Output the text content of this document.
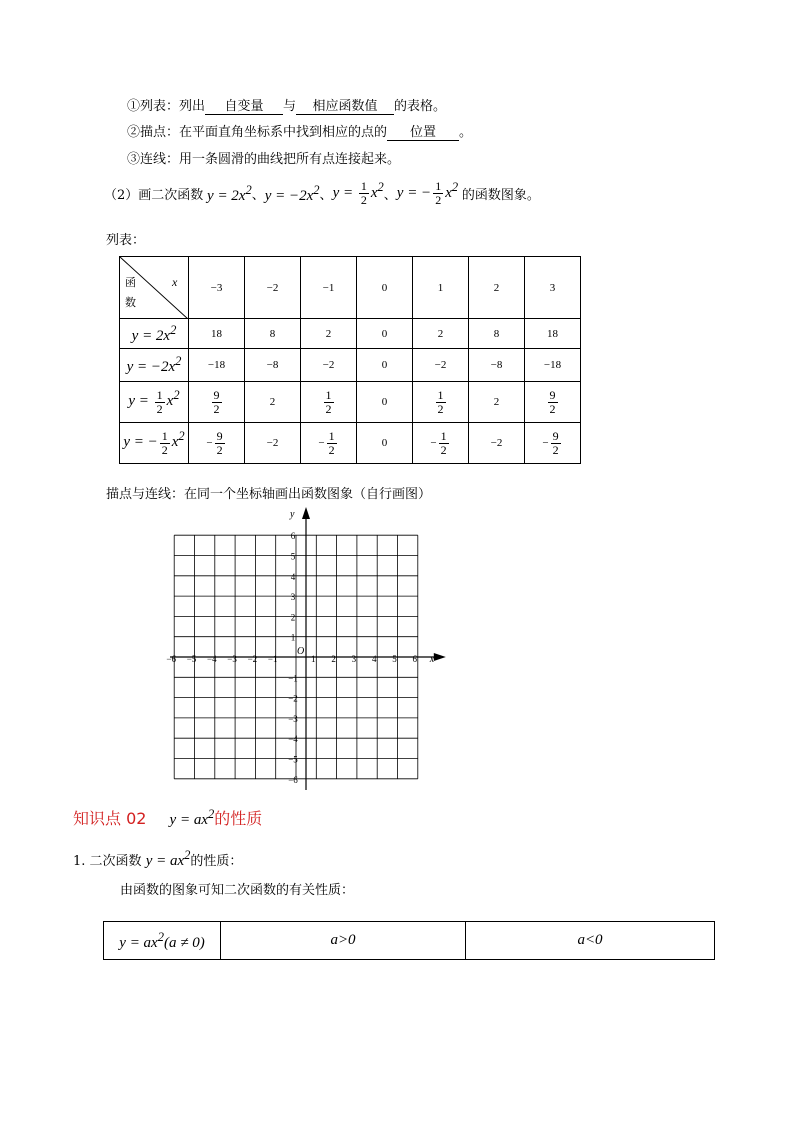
①列表：列出 自变量 与 相应函数值 的表格。
②描点：在平面直角坐标系中找到相应的点的 位置 。
③连线：用一条圆滑的曲线把所有点连接起来。
（2）画二次函数 $y = 2x^2$ 、 $y = -2x^2$ 、 $y = \frac{1}{2} x^2$
、 y = − $\frac{1}{2} x^2$
的函数图象。
列表：
x
函
数	−3	−2	−1	0	1	2	3
$y = 2x^2$	18	8	2	0	2	8	18
$y = -2x^2$	−18	−8	−2	0	−2	−8	−18
$y = \frac{1}{2} x^2$	$\frac{9}{2}$	2	$\frac{1}{2}$	0	$\frac{1}{2}$	2	$\frac{9}{2}$

y = − $\frac{1}{2} x^2$	− $\frac{9}{2}$	−2	− $\frac{1}{2}$	0	− $\frac{1}{2}$	−2	− $\frac{9}{2}$
描点与连线：在同一个坐标轴画出函数图象（自行画图）
−6 −5 −4 −3 −2 −1	1 2 3 4 5 6
−6
−5
−4
−3
−2
−1
1
2
3
4
5
6
O
x
y
知识点 02 $y = ax^2$的性质
1. 二次函数 $y = ax^2$的性质：
由函数的图象可知二次函数的有关性质：
$y = ax^2(a \ne 0)$	a>0	a<0
